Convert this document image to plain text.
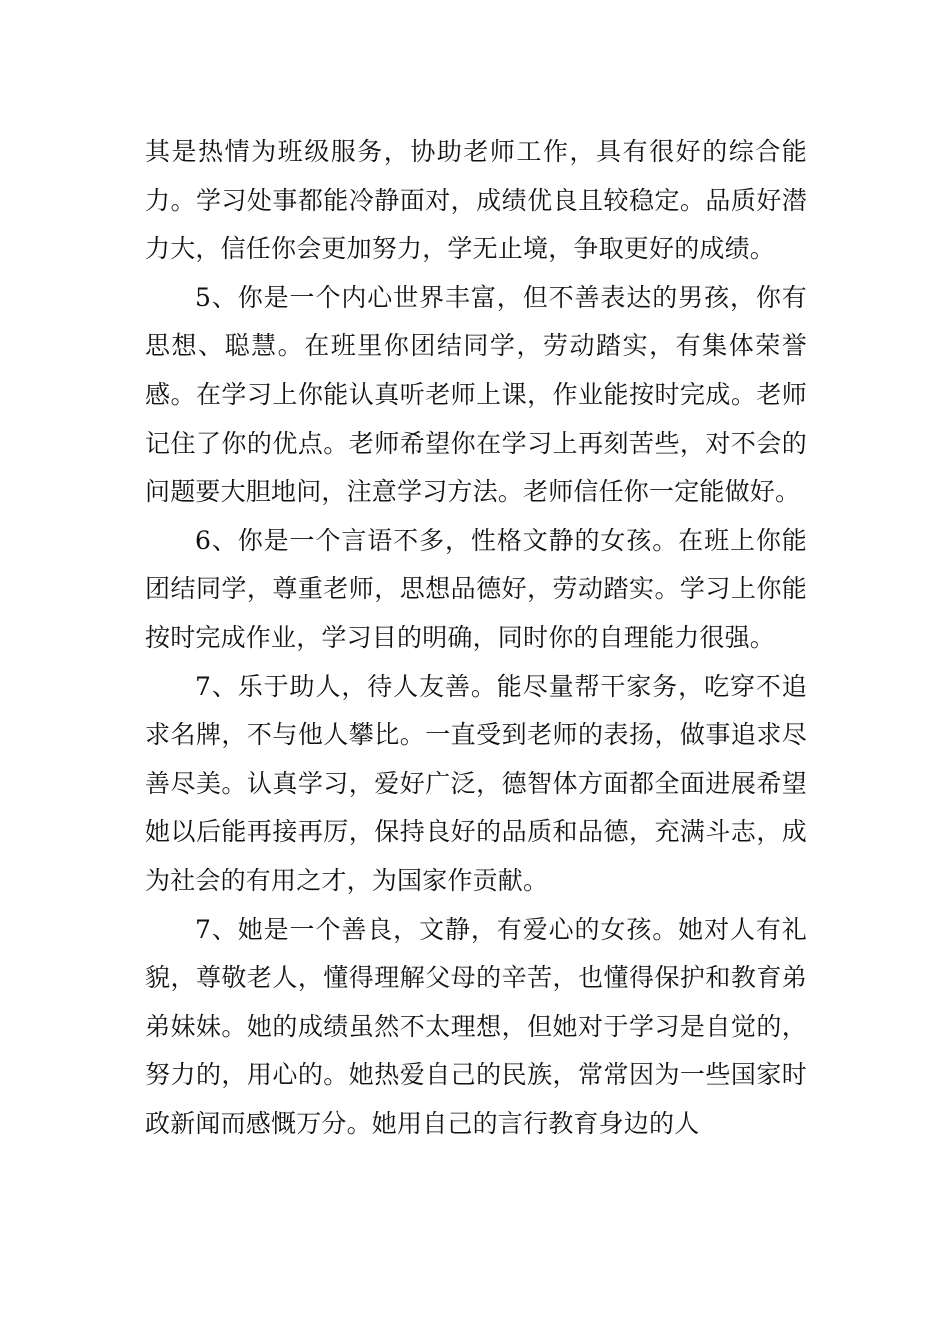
其是热情为班级服务，协助老师工作，具有很好的综合能力。学习处事都能冷静面对，成绩优良且较稳定。品质好潜力大，信任你会更加努力，学无止境，争取更好的成绩。

5、你是一个内心世界丰富，但不善表达的男孩，你有思想、聪慧。在班里你团结同学，劳动踏实，有集体荣誉感。在学习上你能认真听老师上课，作业能按时完成。老师记住了你的优点。老师希望你在学习上再刻苦些，对不会的问题要大胆地问，注意学习方法。老师信任你一定能做好。

6、你是一个言语不多，性格文静的女孩。在班上你能团结同学，尊重老师，思想品德好，劳动踏实。学习上你能按时完成作业，学习目的明确，同时你的自理能力很强。

7、乐于助人，待人友善。能尽量帮干家务，吃穿不追求名牌，不与他人攀比。一直受到老师的表扬，做事追求尽善尽美。认真学习，爱好广泛，德智体方面都全面进展希望她以后能再接再厉，保持良好的品质和品德，充满斗志，成为社会的有用之才，为国家作贡献。

7、她是一个善良，文静，有爱心的女孩。她对人有礼貌，尊敬老人，懂得理解父母的辛苦，也懂得保护和教育弟弟妹妹。她的成绩虽然不太理想，但她对于学习是自觉的，努力的，用心的。她热爱自己的民族，常常因为一些国家时政新闻而感慨万分。她用自己的言行教育身边的人
